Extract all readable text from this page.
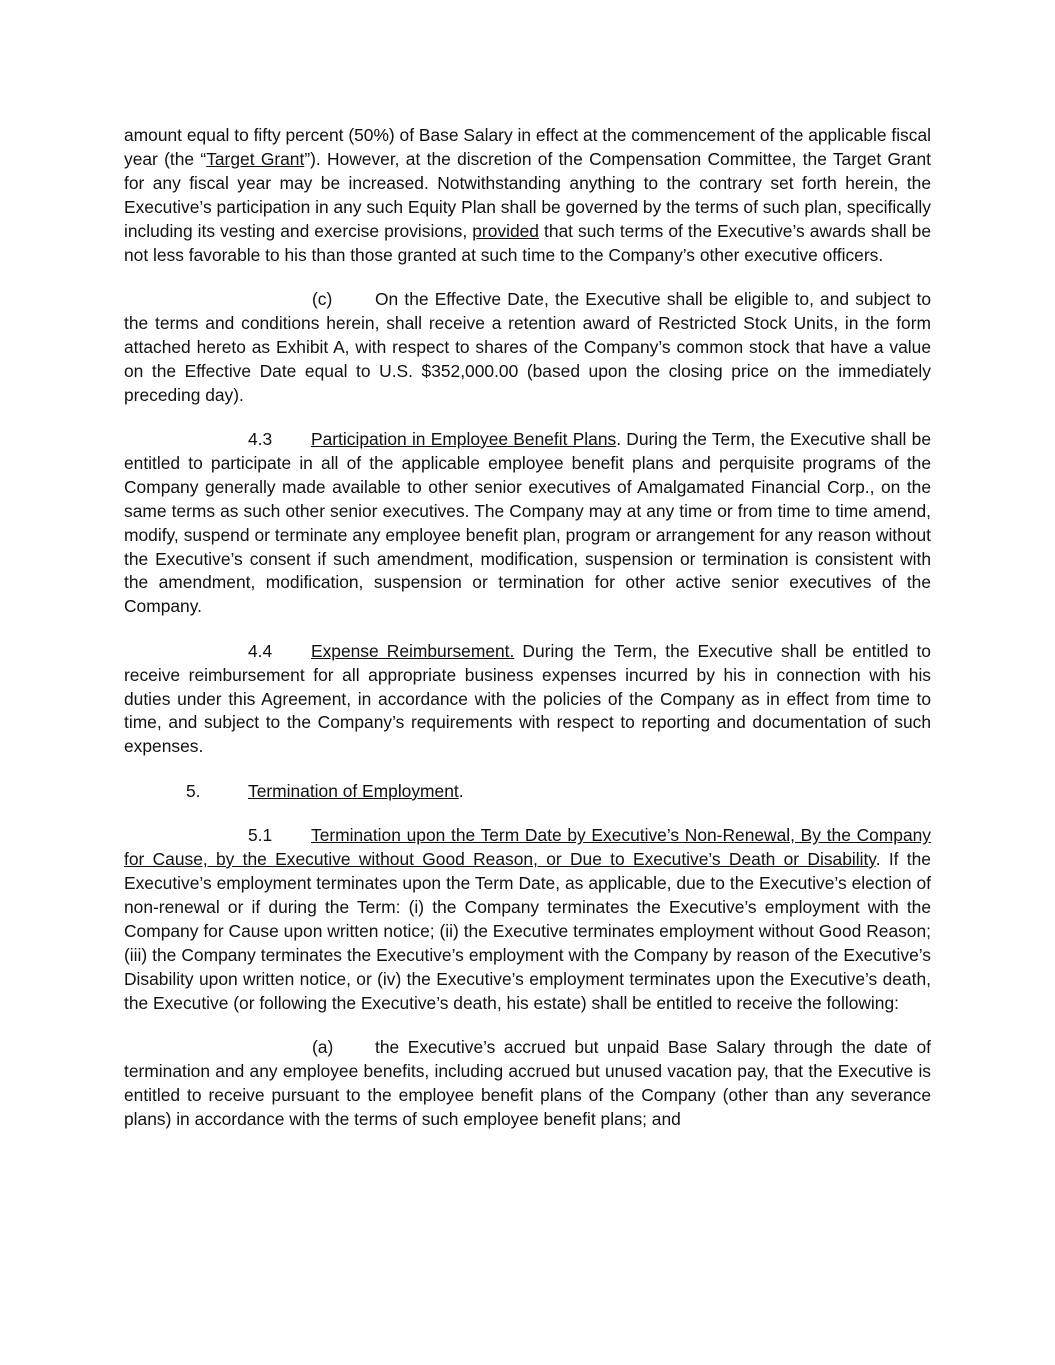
amount equal to fifty percent (50%) of Base Salary in effect at the commencement of the applicable fiscal year (the “Target Grant”). However, at the discretion of the Compensation Committee, the Target Grant for any fiscal year may be increased. Notwithstanding anything to the contrary set forth herein, the Executive’s participation in any such Equity Plan shall be governed by the terms of such plan, specifically including its vesting and exercise provisions, provided that such terms of the Executive’s awards shall be not less favorable to his than those granted at such time to the Company’s other executive officers.

(c) On the Effective Date, the Executive shall be eligible to, and subject to the terms and conditions herein, shall receive a retention award of Restricted Stock Units, in the form attached hereto as Exhibit A, with respect to shares of the Company’s common stock that have a value on the Effective Date equal to U.S. $352,000.00 (based upon the closing price on the immediately preceding day).

4.3 Participation in Employee Benefit Plans. During the Term, the Executive shall be entitled to participate in all of the applicable employee benefit plans and perquisite programs of the Company generally made available to other senior executives of Amalgamated Financial Corp., on the same terms as such other senior executives. The Company may at any time or from time to time amend, modify, suspend or terminate any employee benefit plan, program or arrangement for any reason without the Executive’s consent if such amendment, modification, suspension or termination is consistent with the amendment, modification, suspension or termination for other active senior executives of the Company.

4.4 Expense Reimbursement. During the Term, the Executive shall be entitled to receive reimbursement for all appropriate business expenses incurred by his in connection with his duties under this Agreement, in accordance with the policies of the Company as in effect from time to time, and subject to the Company’s requirements with respect to reporting and documentation of such expenses.

5.	Termination of Employment.

5.1 Termination upon the Term Date by Executive’s Non-Renewal, By the Company for Cause, by the Executive without Good Reason, or Due to Executive’s Death or Disability. If the Executive’s employment terminates upon the Term Date, as applicable, due to the Executive’s election of non-renewal or if during the Term: (i) the Company terminates the Executive’s employment with the Company for Cause upon written notice; (ii) the Executive terminates employment without Good Reason; (iii) the Company terminates the Executive’s employment with the Company by reason of the Executive’s Disability upon written notice, or (iv) the Executive’s employment terminates upon the Executive’s death, the Executive (or following the Executive’s death, his estate) shall be entitled to receive the following:

(a) the Executive’s accrued but unpaid Base Salary through the date of termination and any employee benefits, including accrued but unused vacation pay, that the Executive is entitled to receive pursuant to the employee benefit plans of the Company (other than any severance plans) in accordance with the terms of such employee benefit plans; and
